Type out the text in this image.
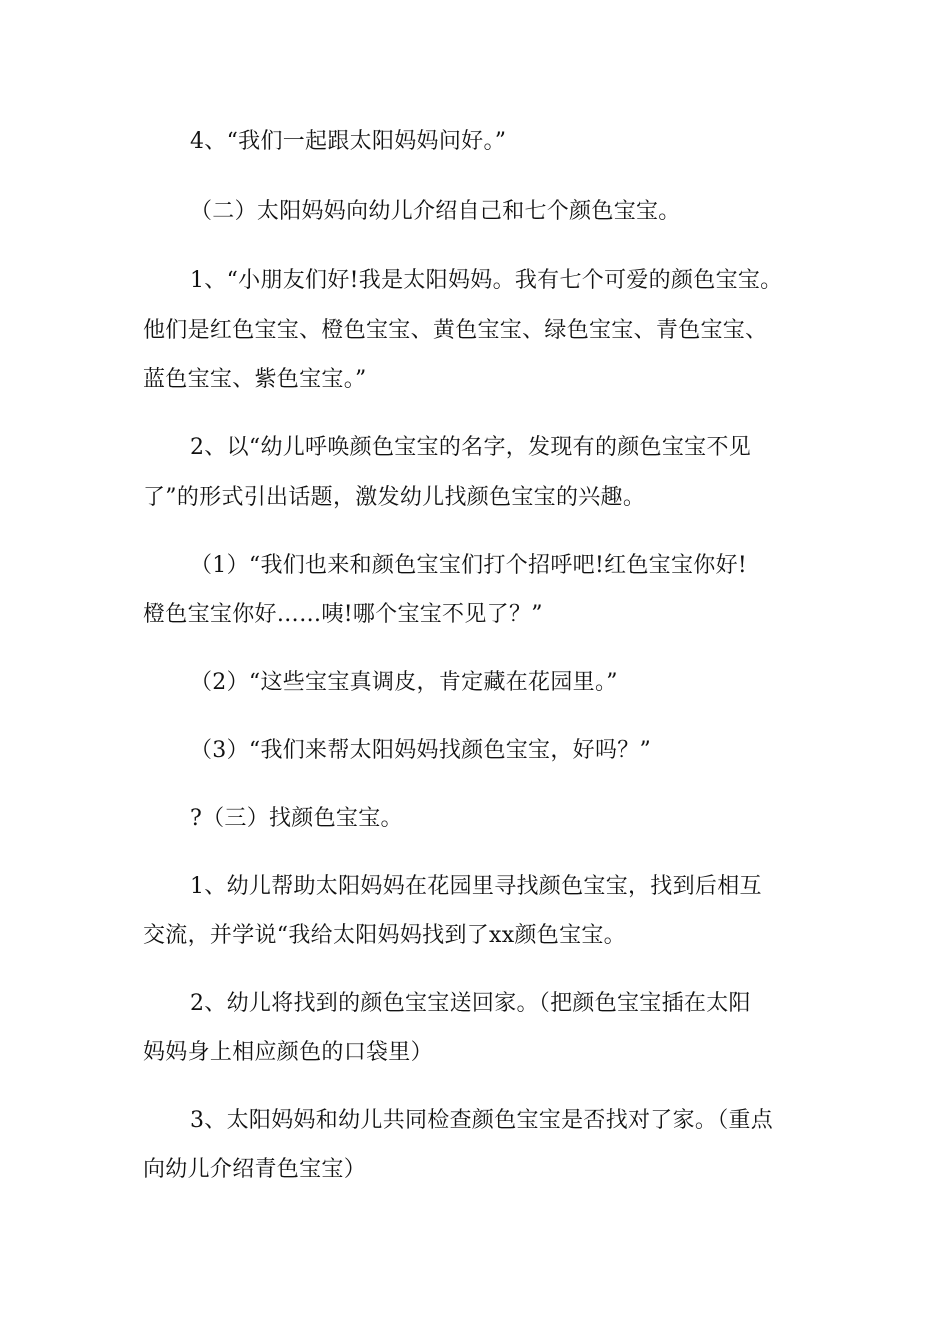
4、“我们一起跟太阳妈妈问好。”
（二）太阳妈妈向幼儿介绍自己和七个颜色宝宝。
1、“小朋友们好!我是太阳妈妈。我有七个可爱的颜色宝宝。
他们是红色宝宝、橙色宝宝、黄色宝宝、绿色宝宝、青色宝宝、
蓝色宝宝、紫色宝宝。”
2、以“幼儿呼唤颜色宝宝的名字，发现有的颜色宝宝不见
了”的形式引出话题，激发幼儿找颜色宝宝的兴趣。
（1）“我们也来和颜色宝宝们打个招呼吧!红色宝宝你好!
橙色宝宝你好……咦!哪个宝宝不见了？”
（2）“这些宝宝真调皮，肯定藏在花园里。”
（3）“我们来帮太阳妈妈找颜色宝宝，好吗？”
?（三）找颜色宝宝。
1、幼儿帮助太阳妈妈在花园里寻找颜色宝宝，找到后相互
交流，并学说“我给太阳妈妈找到了xx颜色宝宝。
2、幼儿将找到的颜色宝宝送回家。（把颜色宝宝插在太阳
妈妈身上相应颜色的口袋里）
3、太阳妈妈和幼儿共同检查颜色宝宝是否找对了家。（重点
向幼儿介绍青色宝宝）
